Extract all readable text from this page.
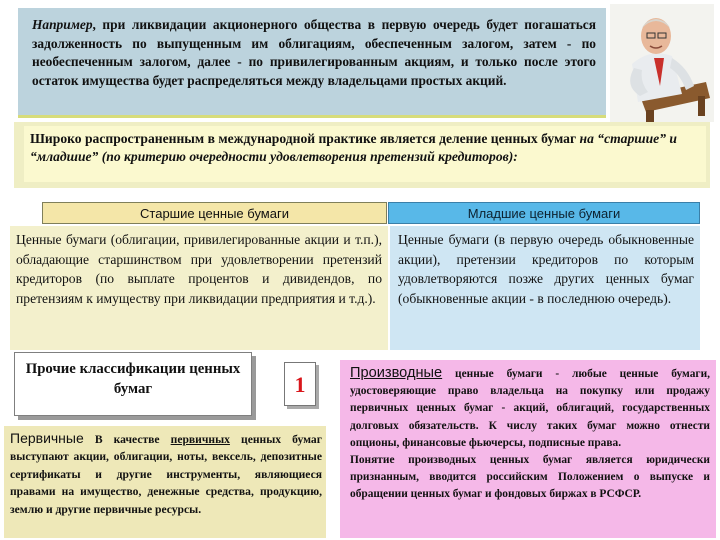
Например, при ликвидации акционерного общества в первую очередь будет погашаться задолженность по выпущенным им облигациям, обеспеченным залогом, затем - по необеспеченным залогом, далее - по привилегированным акциям, и только после этого остаток имущества будет распределяться между владельцами простых акций.
Широко распространенным в международной практике является деление ценных бумаг на “старшие” и “младшие” (по критерию очередности удовлетворения претензий кредиторов):
Старшие ценные бумаги	Младшие ценные бумаги
Ценные бумаги (облигации, привилегированные акции и т.п.), обладающие старшинством при удовлетворении претензий кредиторов (по выплате процентов и дивидендов, по претензиям к имуществу при ликвидации предприятия и т.д.).
Ценные бумаги (в первую очередь обыкновенные акции), претензии кредиторов по которым удовлетворяются позже других ценных бумаг (обыкновенные акции - в последнюю очередь).
Прочие классификации ценных бумаг	1
Первичные В качестве первичных ценных бумаг выступают акции, облигации, ноты, вексель, депозитные сертификаты и другие инструменты, являющиеся правами на имущество, денежные средства, продукцию, землю и другие первичные ресурсы.
Производные ценные бумаги - любые ценные бумаги, удостоверяющие право владельца на покупку или продажу первичных ценных бумаг - акций, облигаций, государственных долговых обязательств. К числу таких бумаг можно отнести опционы, финансовые фьючерсы, подписные права.
Понятие производных ценных бумаг является юридически признанным, вводится российским Положением о выпуске и обращении ценных бумаг и фондовых биржах в РСФСР.
